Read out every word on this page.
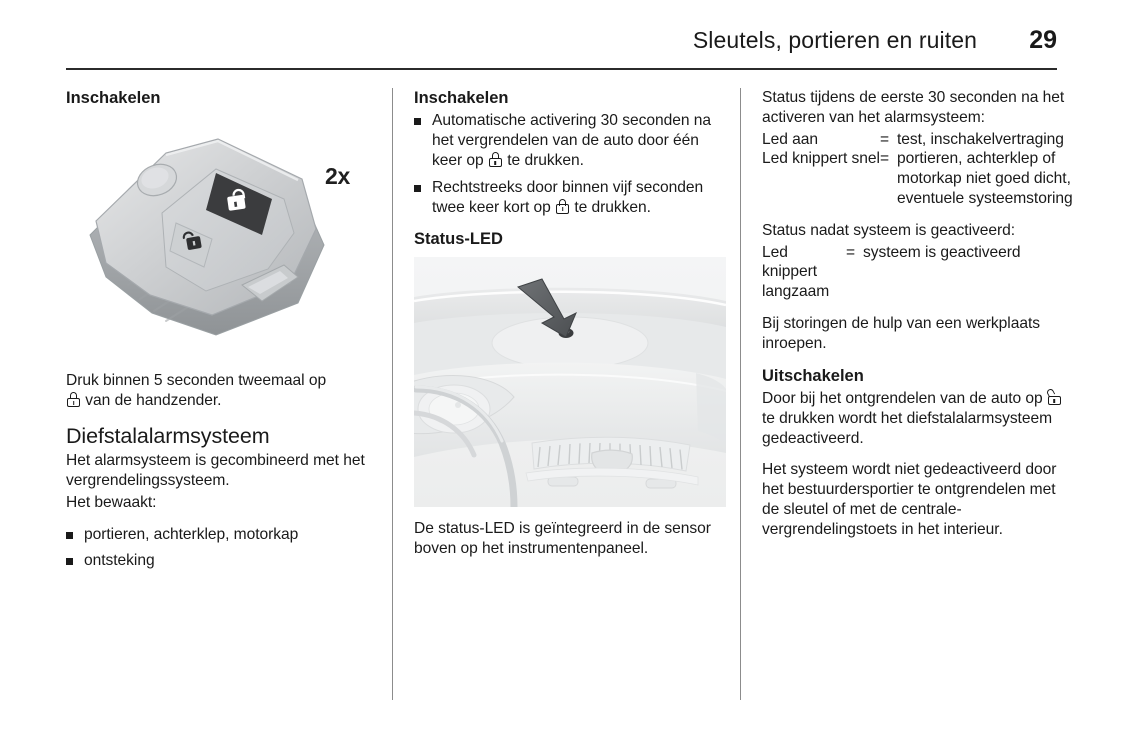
Sleutels, portieren en ruiten 29
Inschakelen
2x

Druk binnen 5 seconden tweemaal op

van de handzender.

Diefstalalarmsysteem

Het alarmsysteem is gecombineerd met het vergrendelingssysteem.

Het bewaakt:

portieren, achterklep, motorkap
ontsteking
Inschakelen
Automatische activering 30 seconden na het vergrendelen van de auto door één keer op te drukken.
Rechtstreeks door binnen vijf seconden twee keer kort op te drukken.
Status-LED

De status-LED is geïntegreerd in de sensor boven op het instrumentenpaneel.

Status tijdens de eerste 30 seconden na het activeren van het alarmsysteem:

Led aan	= test, inschakelvertraging
Led knippert snel = portieren, achterklep of motorkap niet goed dicht, eventuele systeemstoring

Status nadat systeem is geactiveerd:

Led knippert langzaam
= systeem is geactiveerd

Bij storingen de hulp van een werkplaats inroepen.

Uitschakelen

Door bij het ontgrendelen van de auto op
te drukken wordt het diefstalalarmsysteem gedeactiveerd.

Het systeem wordt niet gedeactiveerd door het bestuurdersportier te ontgrendelen met de sleutel of met de centrale-vergrendelingstoets in het interieur.
